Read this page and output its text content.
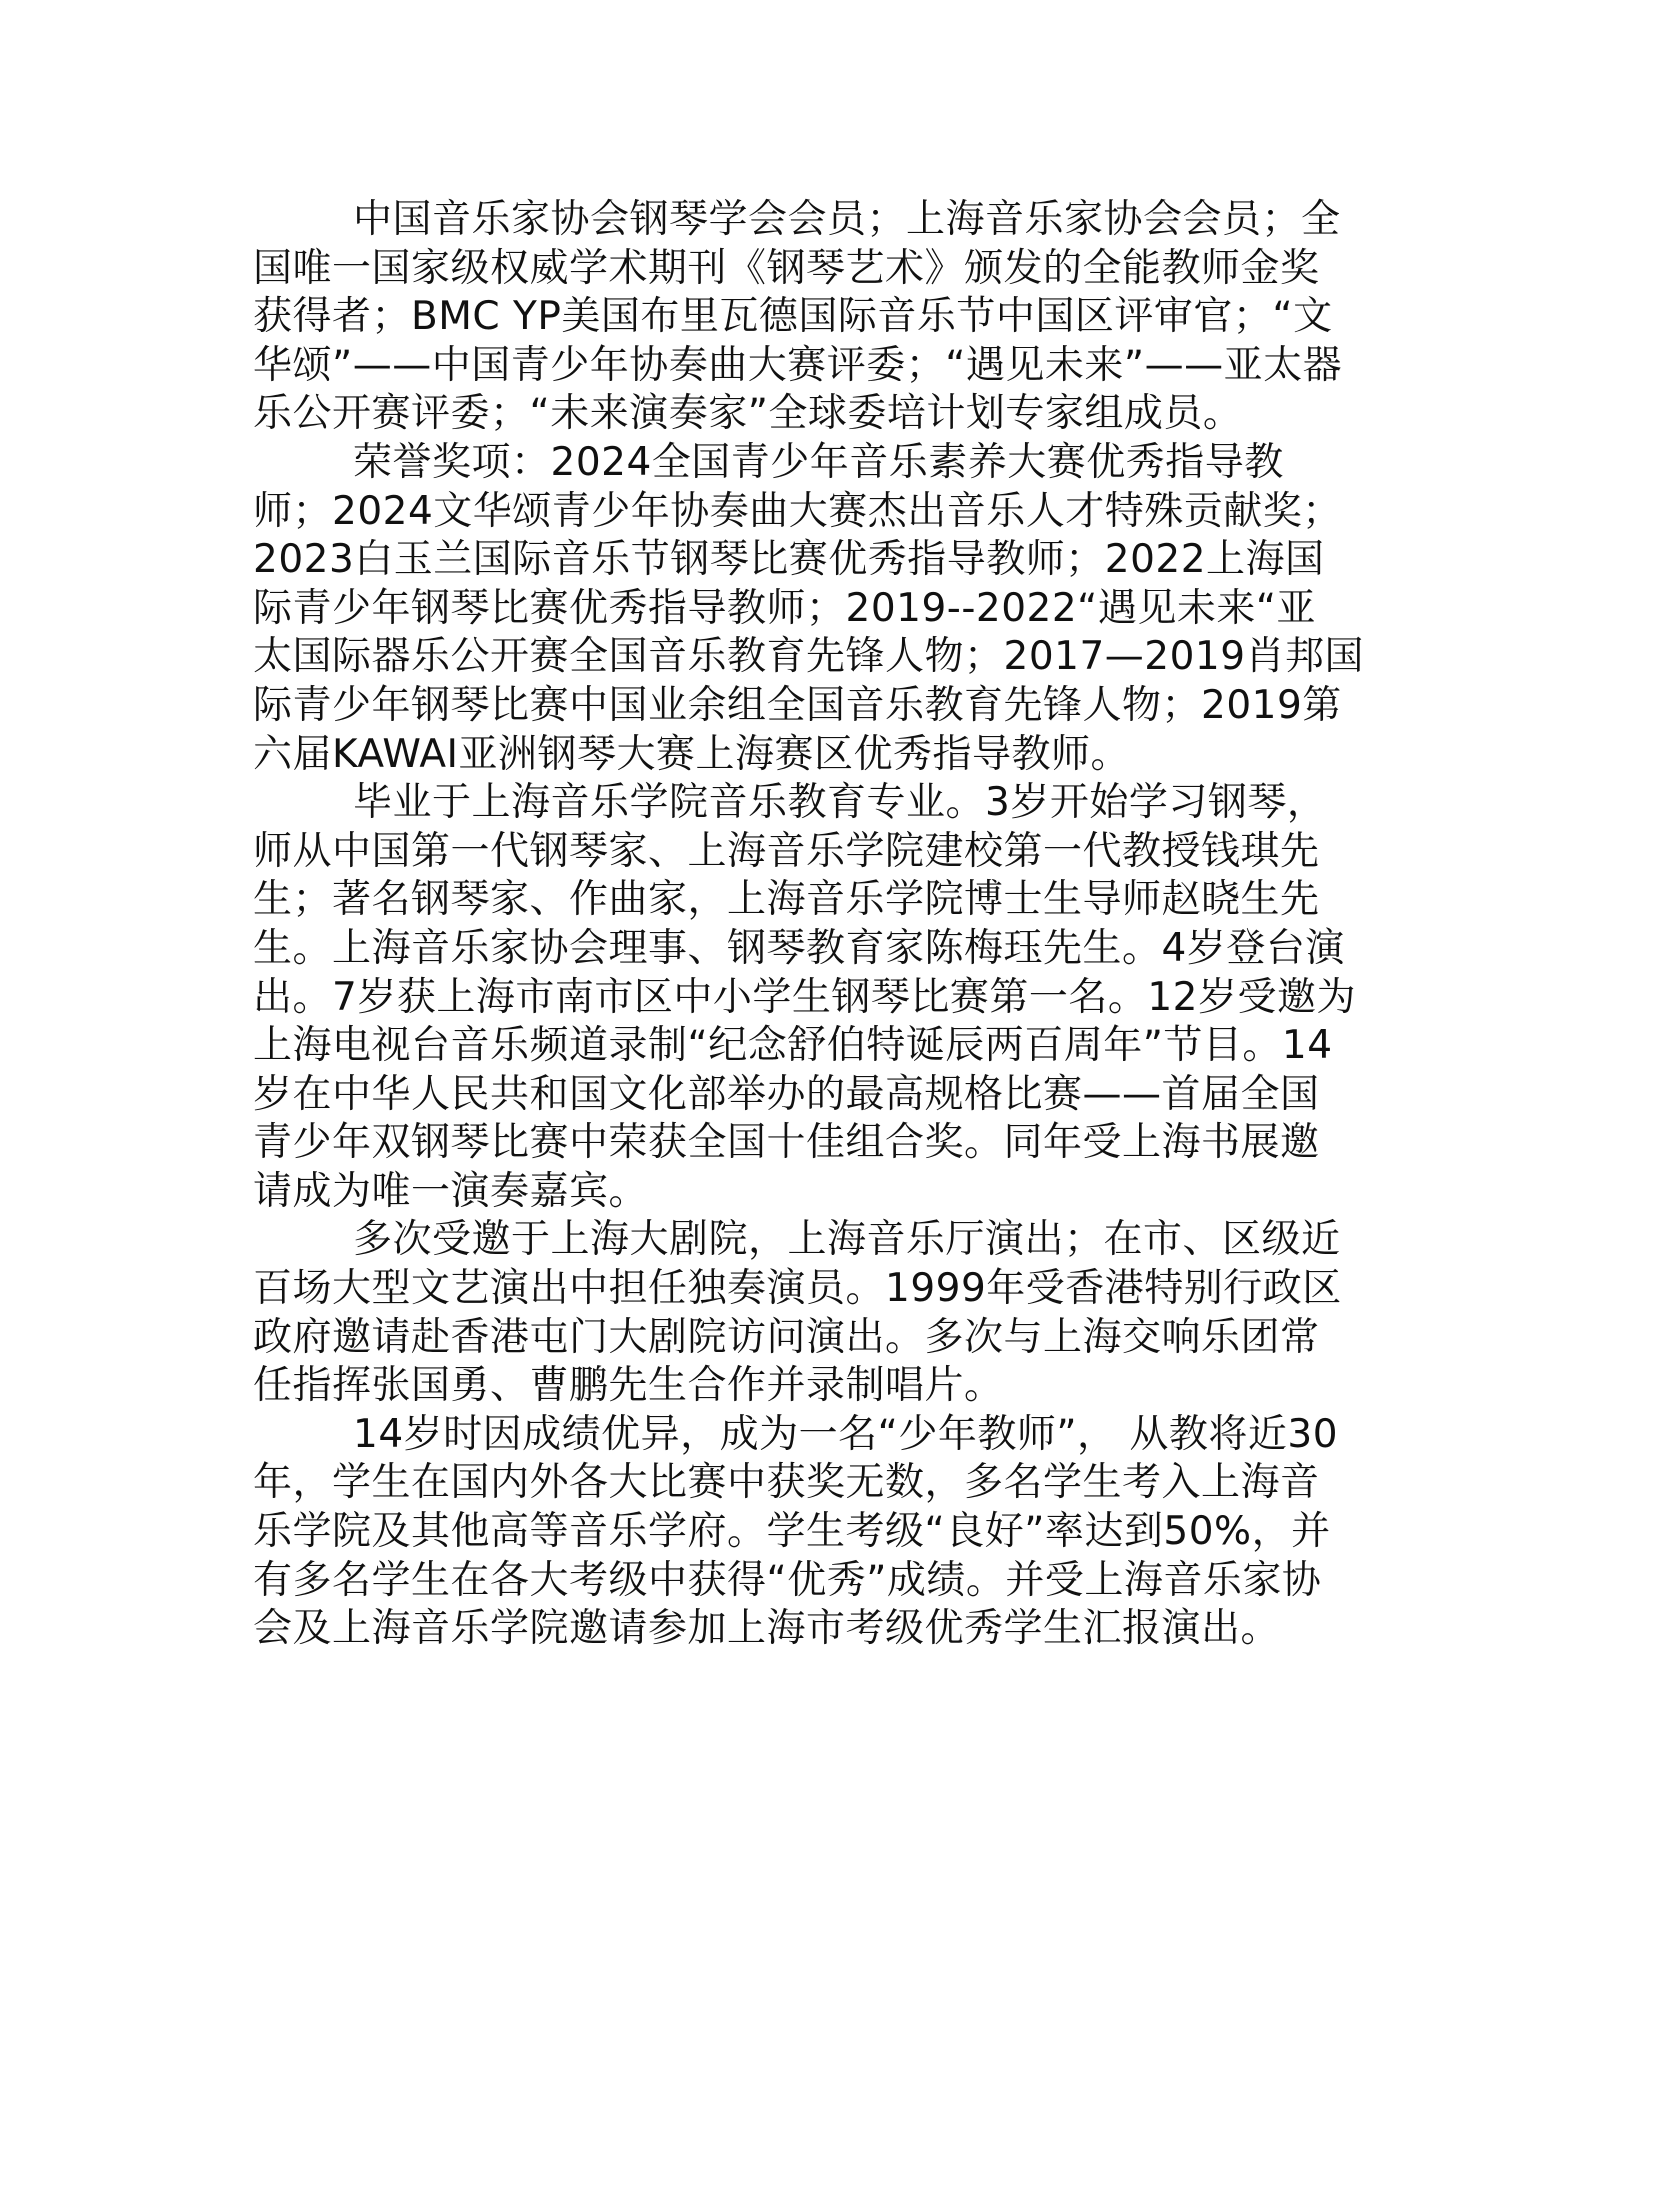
中国音乐家协会钢琴学会会员；上海音乐家协会会员；全
国唯一国家级权威学术期刊《钢琴艺术》颁发的全能教师金奖
获得者；BMC YP美国布里瓦德国际音乐节中国区评审官；“文
华颂”——中国青少年协奏曲大赛评委；“遇见未来”——亚太器
乐公开赛评委；“未来演奏家”全球委培计划专家组成员。

荣誉奖项：2024全国青少年音乐素养大赛优秀指导教
师；2024文华颂青少年协奏曲大赛杰出音乐人才特殊贡献奖；
2023白玉兰国际音乐节钢琴比赛优秀指导教师；2022上海国
际青少年钢琴比赛优秀指导教师；2019--2022“遇见未来“亚
太国际器乐公开赛全国音乐教育先锋人物；2017—2019肖邦国
际青少年钢琴比赛中国业余组全国音乐教育先锋人物；2019第
六届KAWAI亚洲钢琴大赛上海赛区优秀指导教师。

毕业于上海音乐学院音乐教育专业。3岁开始学习钢琴，
师从中国第一代钢琴家、上海音乐学院建校第一代教授钱琪先
生；著名钢琴家、作曲家，上海音乐学院博士生导师赵晓生先
生。上海音乐家协会理事、钢琴教育家陈梅珏先生。4岁登台演
出。7岁获上海市南市区中小学生钢琴比赛第一名。12岁受邀为
上海电视台音乐频道录制“纪念舒伯特诞辰两百周年”节目。14
岁在中华人民共和国文化部举办的最高规格比赛——首届全国
青少年双钢琴比赛中荣获全国十佳组合奖。同年受上海书展邀
请成为唯一演奏嘉宾。

多次受邀于上海大剧院，上海音乐厅演出；在市、区级近
百场大型文艺演出中担任独奏演员。1999年受香港特别行政区
政府邀请赴香港屯门大剧院访问演出。多次与上海交响乐团常
任指挥张国勇、曹鹏先生合作并录制唱片。

14岁时因成绩优异，成为一名“少年教师”， 从教将近30
年，学生在国内外各大比赛中获奖无数，多名学生考入上海音
乐学院及其他高等音乐学府。学生考级“良好”率达到50%，并
有多名学生在各大考级中获得“优秀”成绩。并受上海音乐家协
会及上海音乐学院邀请参加上海市考级优秀学生汇报演出。
